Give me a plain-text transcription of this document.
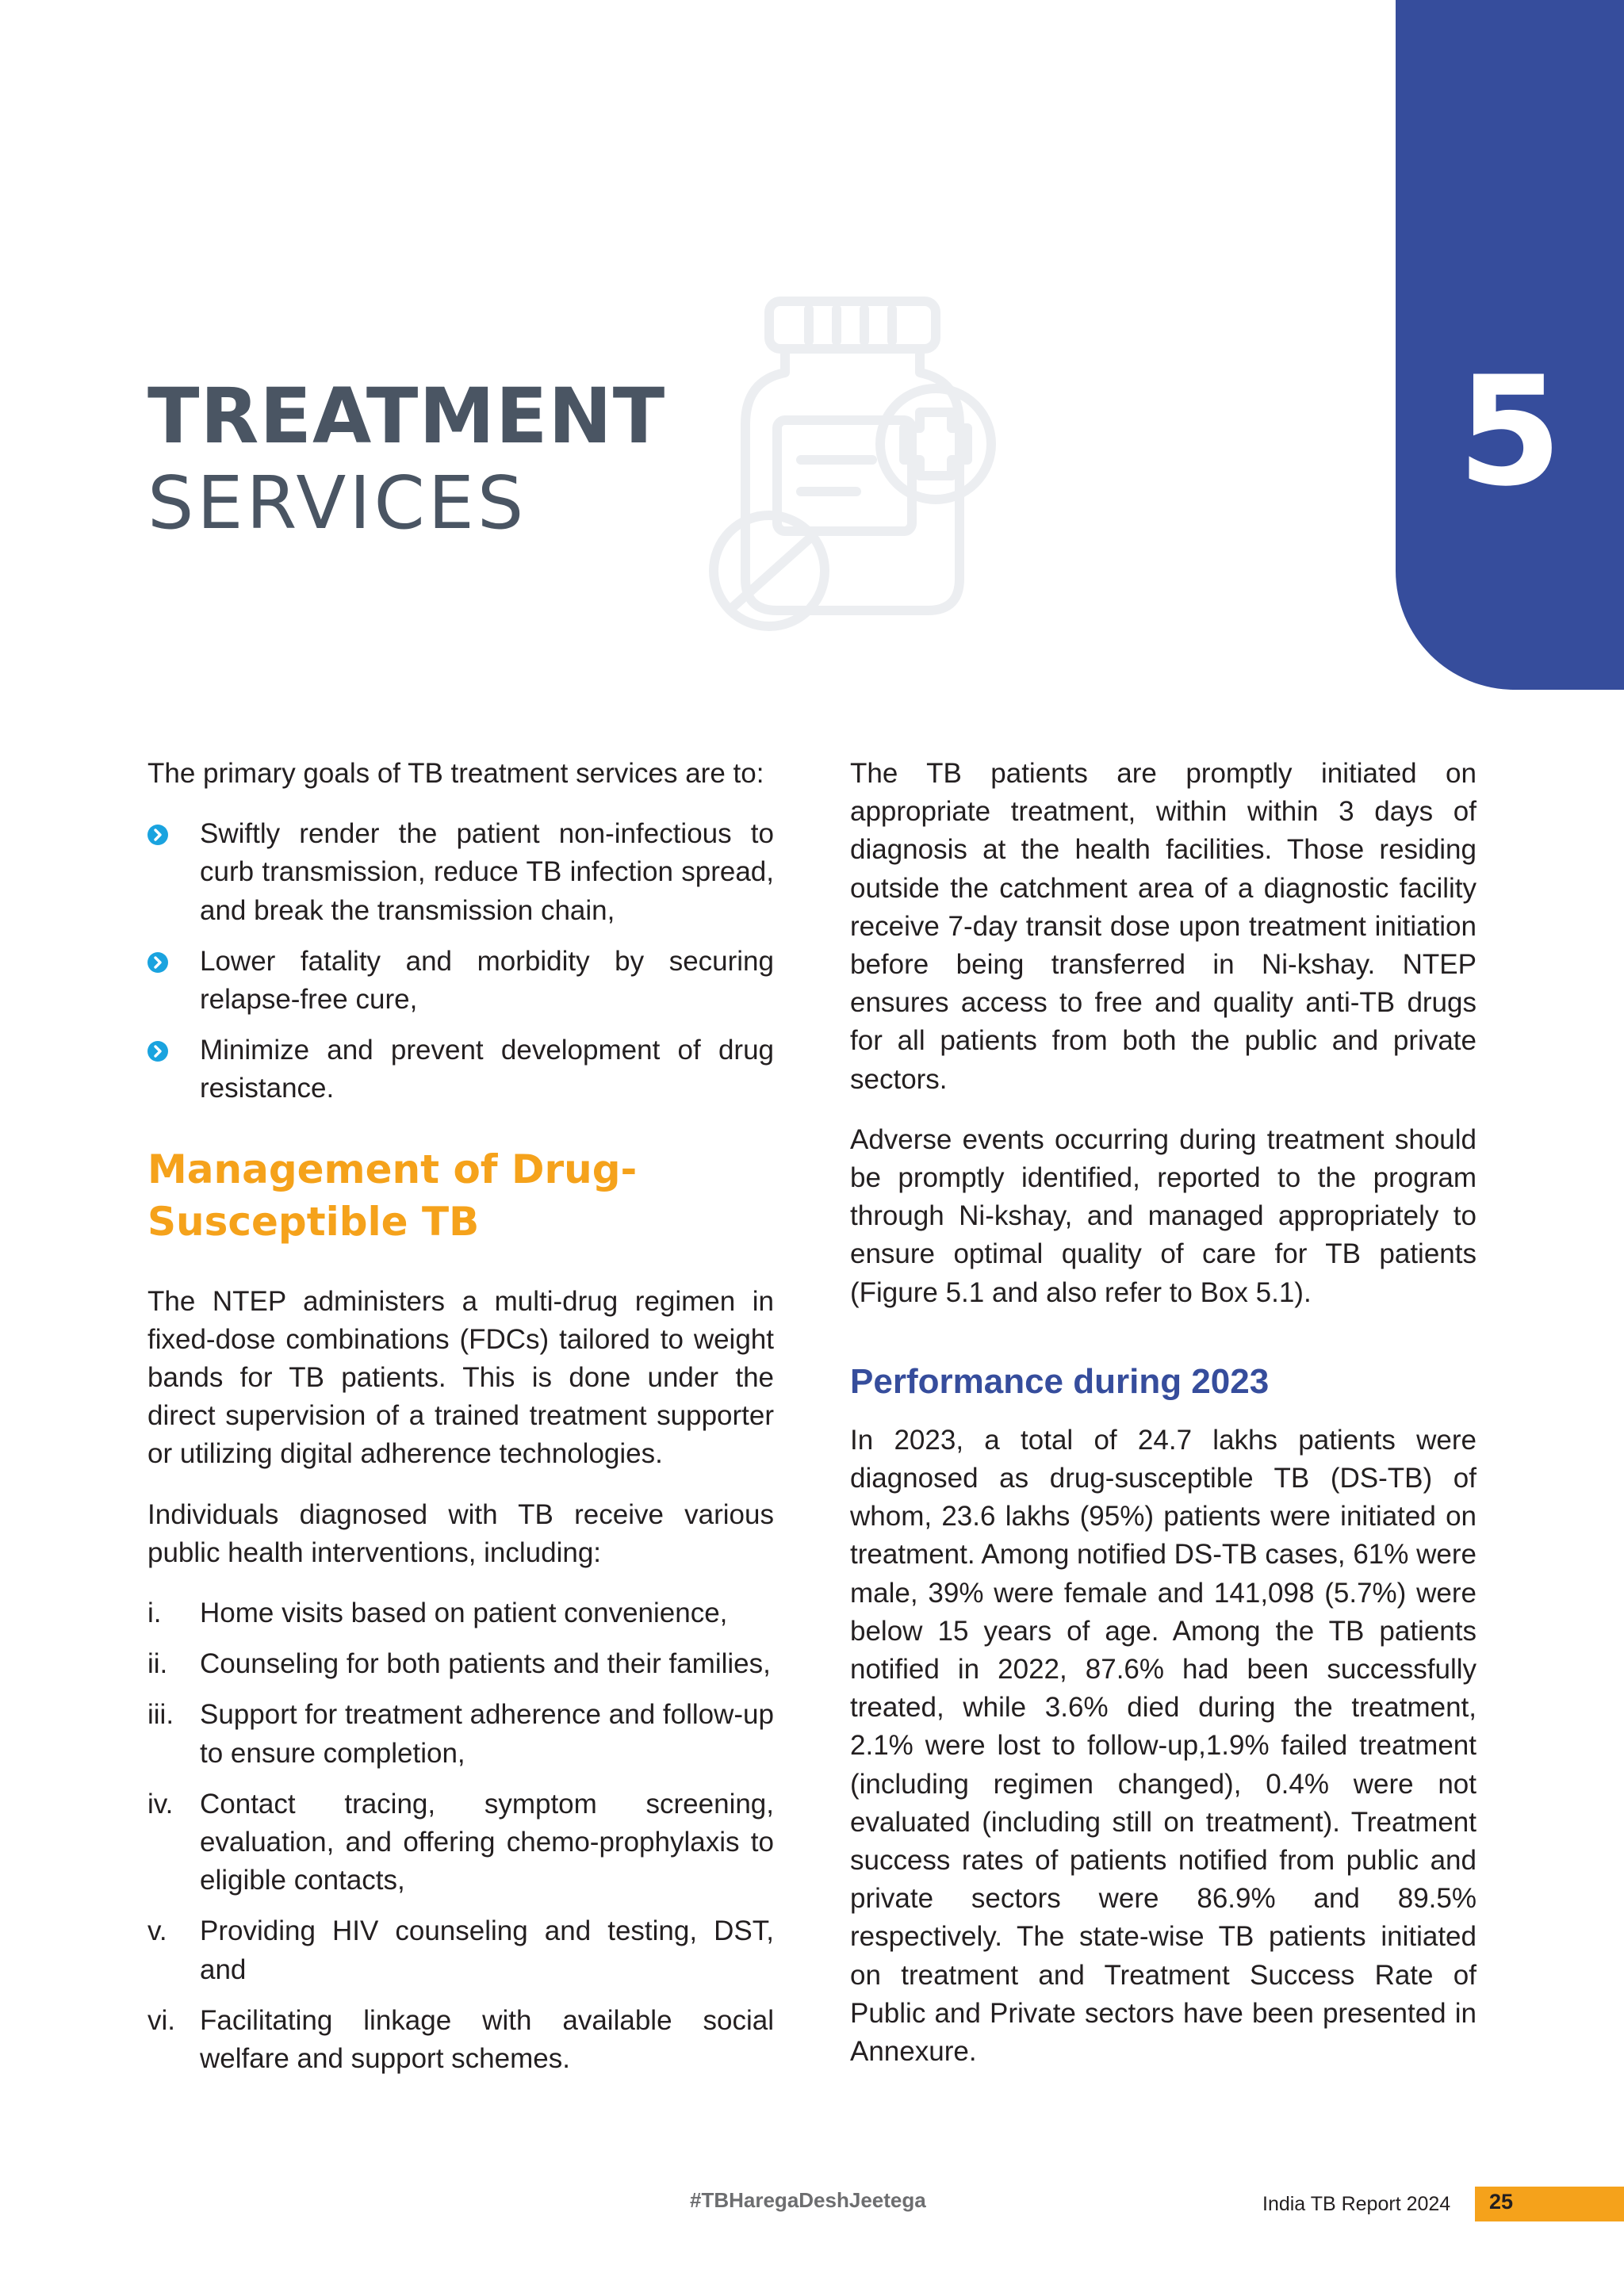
5
TREATMENT
SERVICES

The primary goals of TB treatment services are to:

Swiftly render the patient non-infectious to curb transmission, reduce TB infection spread, and break the transmission chain,
Lower fatality and morbidity by securing relapse-free cure,
Minimize and prevent development of drug resistance.
Management of Drug-Susceptible TB

The NTEP administers a multi-drug regimen in fixed-dose combinations (FDCs) tailored to weight bands for TB patients. This is done under the direct supervision of a trained treatment supporter or utilizing digital adherence technologies.

Individuals diagnosed with TB receive various public health interventions, including:

i. Home visits based on patient convenience,
ii. Counseling for both patients and their families,
iii. Support for treatment adherence and follow-up to ensure completion,
iv. Contact tracing, symptom screening, evaluation, and offering chemo-prophylaxis to eligible contacts,
v. Providing HIV counseling and testing, DST, and
vi. Facilitating linkage with available social welfare and support schemes.

The TB patients are promptly initiated on appropriate treatment, within within 3 days of diagnosis at the health facilities. Those residing outside the catchment area of a diagnostic facility receive 7-day transit dose upon treatment initiation before being transferred in Ni-kshay. NTEP ensures access to free and quality anti-TB drugs for all patients from both the public and private sectors.

Adverse events occurring during treatment should be promptly identified, reported to the program through Ni-kshay, and managed appropriately to ensure optimal quality of care for TB patients (Figure 5.1 and also refer to Box 5.1).

Performance during 2023

In 2023, a total of 24.7 lakhs patients were diagnosed as drug-susceptible TB (DS-TB) of whom, 23.6 lakhs (95%) patients were initiated on treatment. Among notified DS-TB cases, 61% were male, 39% were female and 141,098 (5.7%) were below 15 years of age. Among the TB patients notified in 2022, 87.6% had been successfully treated, while 3.6% died during the treatment, 2.1% were lost to follow-up,1.9% failed treatment (including regimen changed), 0.4% were not evaluated (including still on treatment). Treatment success rates of patients notified from public and private sectors were 86.9% and 89.5% respectively. The state-wise TB patients initiated on treatment and Treatment Success Rate of Public and Private sectors have been presented in Annexure.

#TBHaregaDeshJeetega	India TB Report 2024 25
